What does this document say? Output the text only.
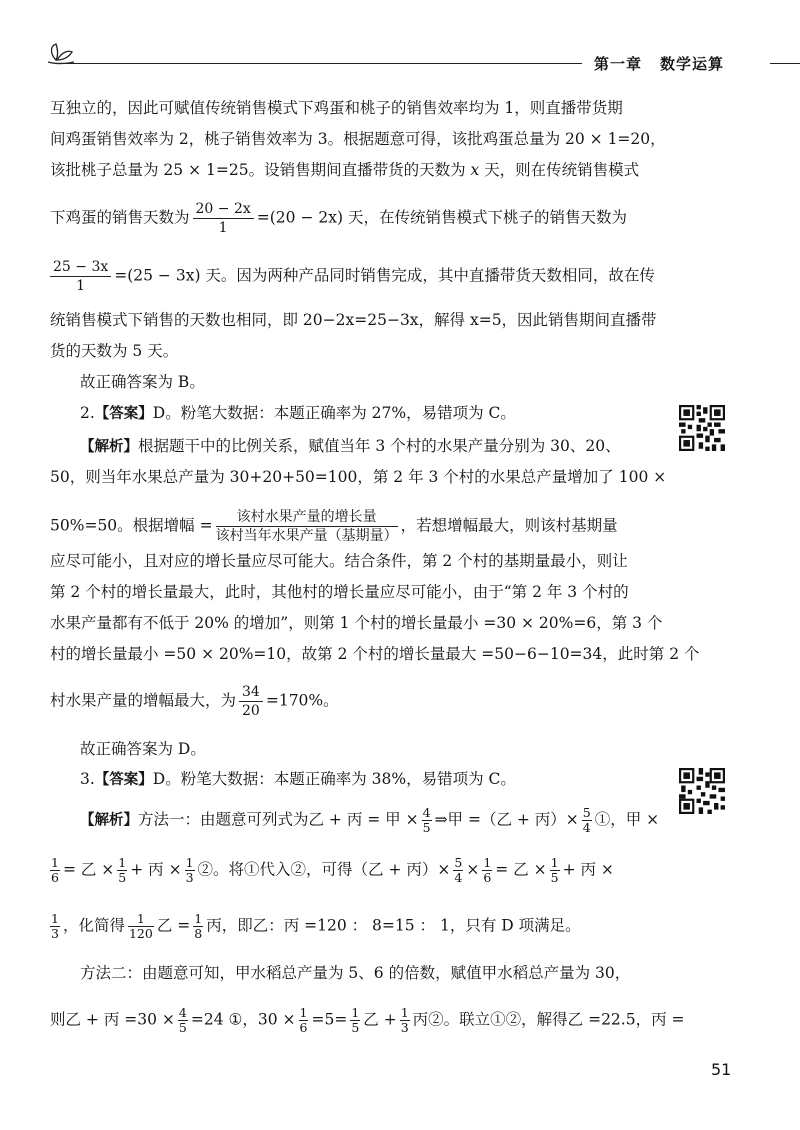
第一章 数学运算
互独立的，因此可赋值传统销售模式下鸡蛋和桃子的销售效率均为 1，则直播带货期
间鸡蛋销售效率为 2，桃子销售效率为 3。根据题意可得，该批鸡蛋总量为 20 × 1=20，
该批桃子总量为 25 × 1=25。设销售期间直播带货的天数为 x 天，则在传统销售模式
下鸡蛋的销售天数为 $\frac{20 - 2x}{1} =(20 - 2x)$ 天，在传统销售模式下桃子的销售天数为
$\frac{25 - 3x}{1} =(25 - 3x)$ 天。因为两种产品同时销售完成，其中直播带货天数相同，故在传
统销售模式下销售的天数也相同，即 20−2x=25−3x，解得 x=5，因此销售期间直播带
货的天数为 5 天。
故正确答案为 B。
2.【答案】D。粉笔大数据：本题正确率为 27%，易错项为 C。
【解析】根据题干中的比例关系，赋值当年 3 个村的水果产量分别为 30、20、
50，则当年水果总产量为 30+20+50=100，第 2 年 3 个村的水果总产量增加了 100 ×
50%=50。根据增幅 = $\frac{\text{该村水果产量的增长量}}{\text{该村当年水果产量（基期量）}}$ ，若想增幅最大，则该村基期量
应尽可能小，且对应的增长量应尽可能大。结合条件，第 2 个村的基期量最小，则让
第 2 个村的增长量最大，此时，其他村的增长量应尽可能小，由于“第 2 年 3 个村的
水果产量都有不低于 20% 的增加”，则第 1 个村的增长量最小 =30 × 20%=6，第 3 个
村的增长量最小 =50 × 20%=10，故第 2 个村的增长量最大 =50−6−10=34，此时第 2 个
村水果产量的增幅最大，为 $\frac{34}{20} =170\%$。
故正确答案为 D。
3.【答案】D。粉笔大数据：本题正确率为 38%，易错项为 C。
【解析】方法一：由题意可列式为乙 + 丙 = 甲 × $\frac{4}{5}$ ⇒甲 =（乙 + 丙）× $\frac{5}{4}$ ①，甲 ×
$\frac{1}{6}$ = 乙 × $\frac{1}{5}$ + 丙 × $\frac{1}{3}$ ②。将①代入②，可得（乙 + 丙）× $\frac{5}{4} \times \frac{1}{6}$ = 乙 × $\frac{1}{5}$ + 丙 ×
$\frac{1}{3}$ ，化简得 $\frac{1}{120}$ 乙 = $\frac{1}{8}$ 丙，即乙：丙 =120 ： 8=15 ： 1，只有 D 项满足。
方法二：由题意可知，甲水稻总产量为 5、6 的倍数，赋值甲水稻总产量为 30，
则乙 + 丙 $=30 \times \frac{4}{5} =24$ ①，$30 \times \frac{1}{6} =5= \frac{1}{5}$ 乙 + $\frac{1}{3}$ 丙②。联立①②，解得乙 =22.5，丙 =
51
